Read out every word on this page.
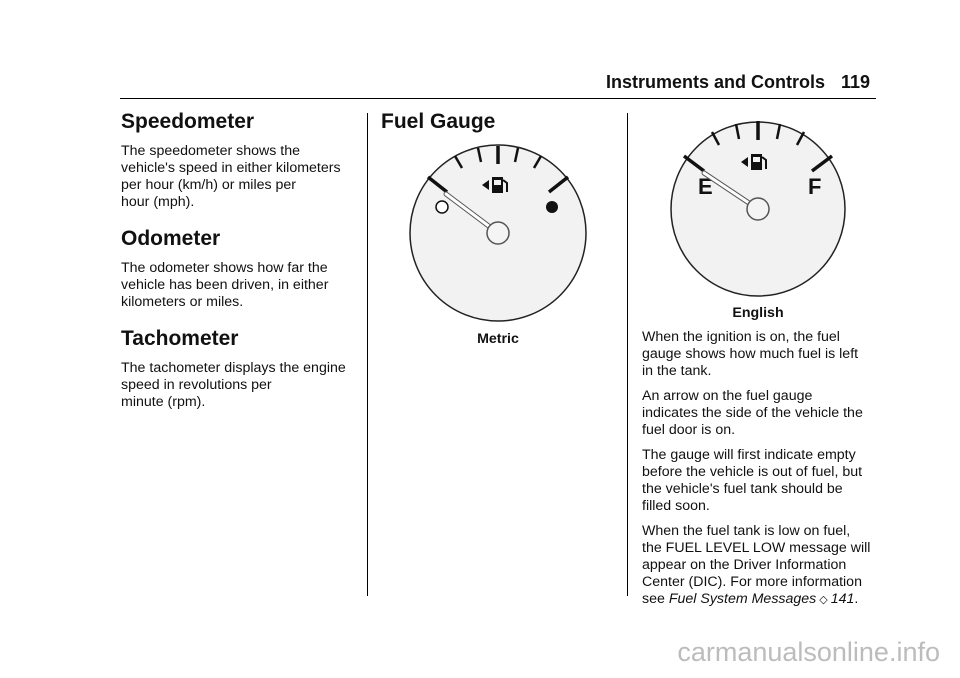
Instruments and Controls 119
Speedometer

The speedometer shows the

vehicle's speed in either kilometers

per hour (km/h) or miles per

hour (mph).

Odometer

The odometer shows how far the

vehicle has been driven, in either

kilometers or miles.

Tachometer

The tachometer displays the engine

speed in revolutions per

minute (rpm).

Fuel Gauge
Metric
E	F
English

When the ignition is on, the fuel

gauge shows how much fuel is left

in the tank.

An arrow on the fuel gauge

indicates the side of the vehicle the

fuel door is on.

The gauge will first indicate empty

before the vehicle is out of fuel, but

the vehicle's fuel tank should be

filled soon.

When the fuel tank is low on fuel,

the FUEL LEVEL LOW message will

appear on the Driver Information

Center (DIC). For more information

see Fuel System Messages ◇ 141.

carmanualsonline.info
